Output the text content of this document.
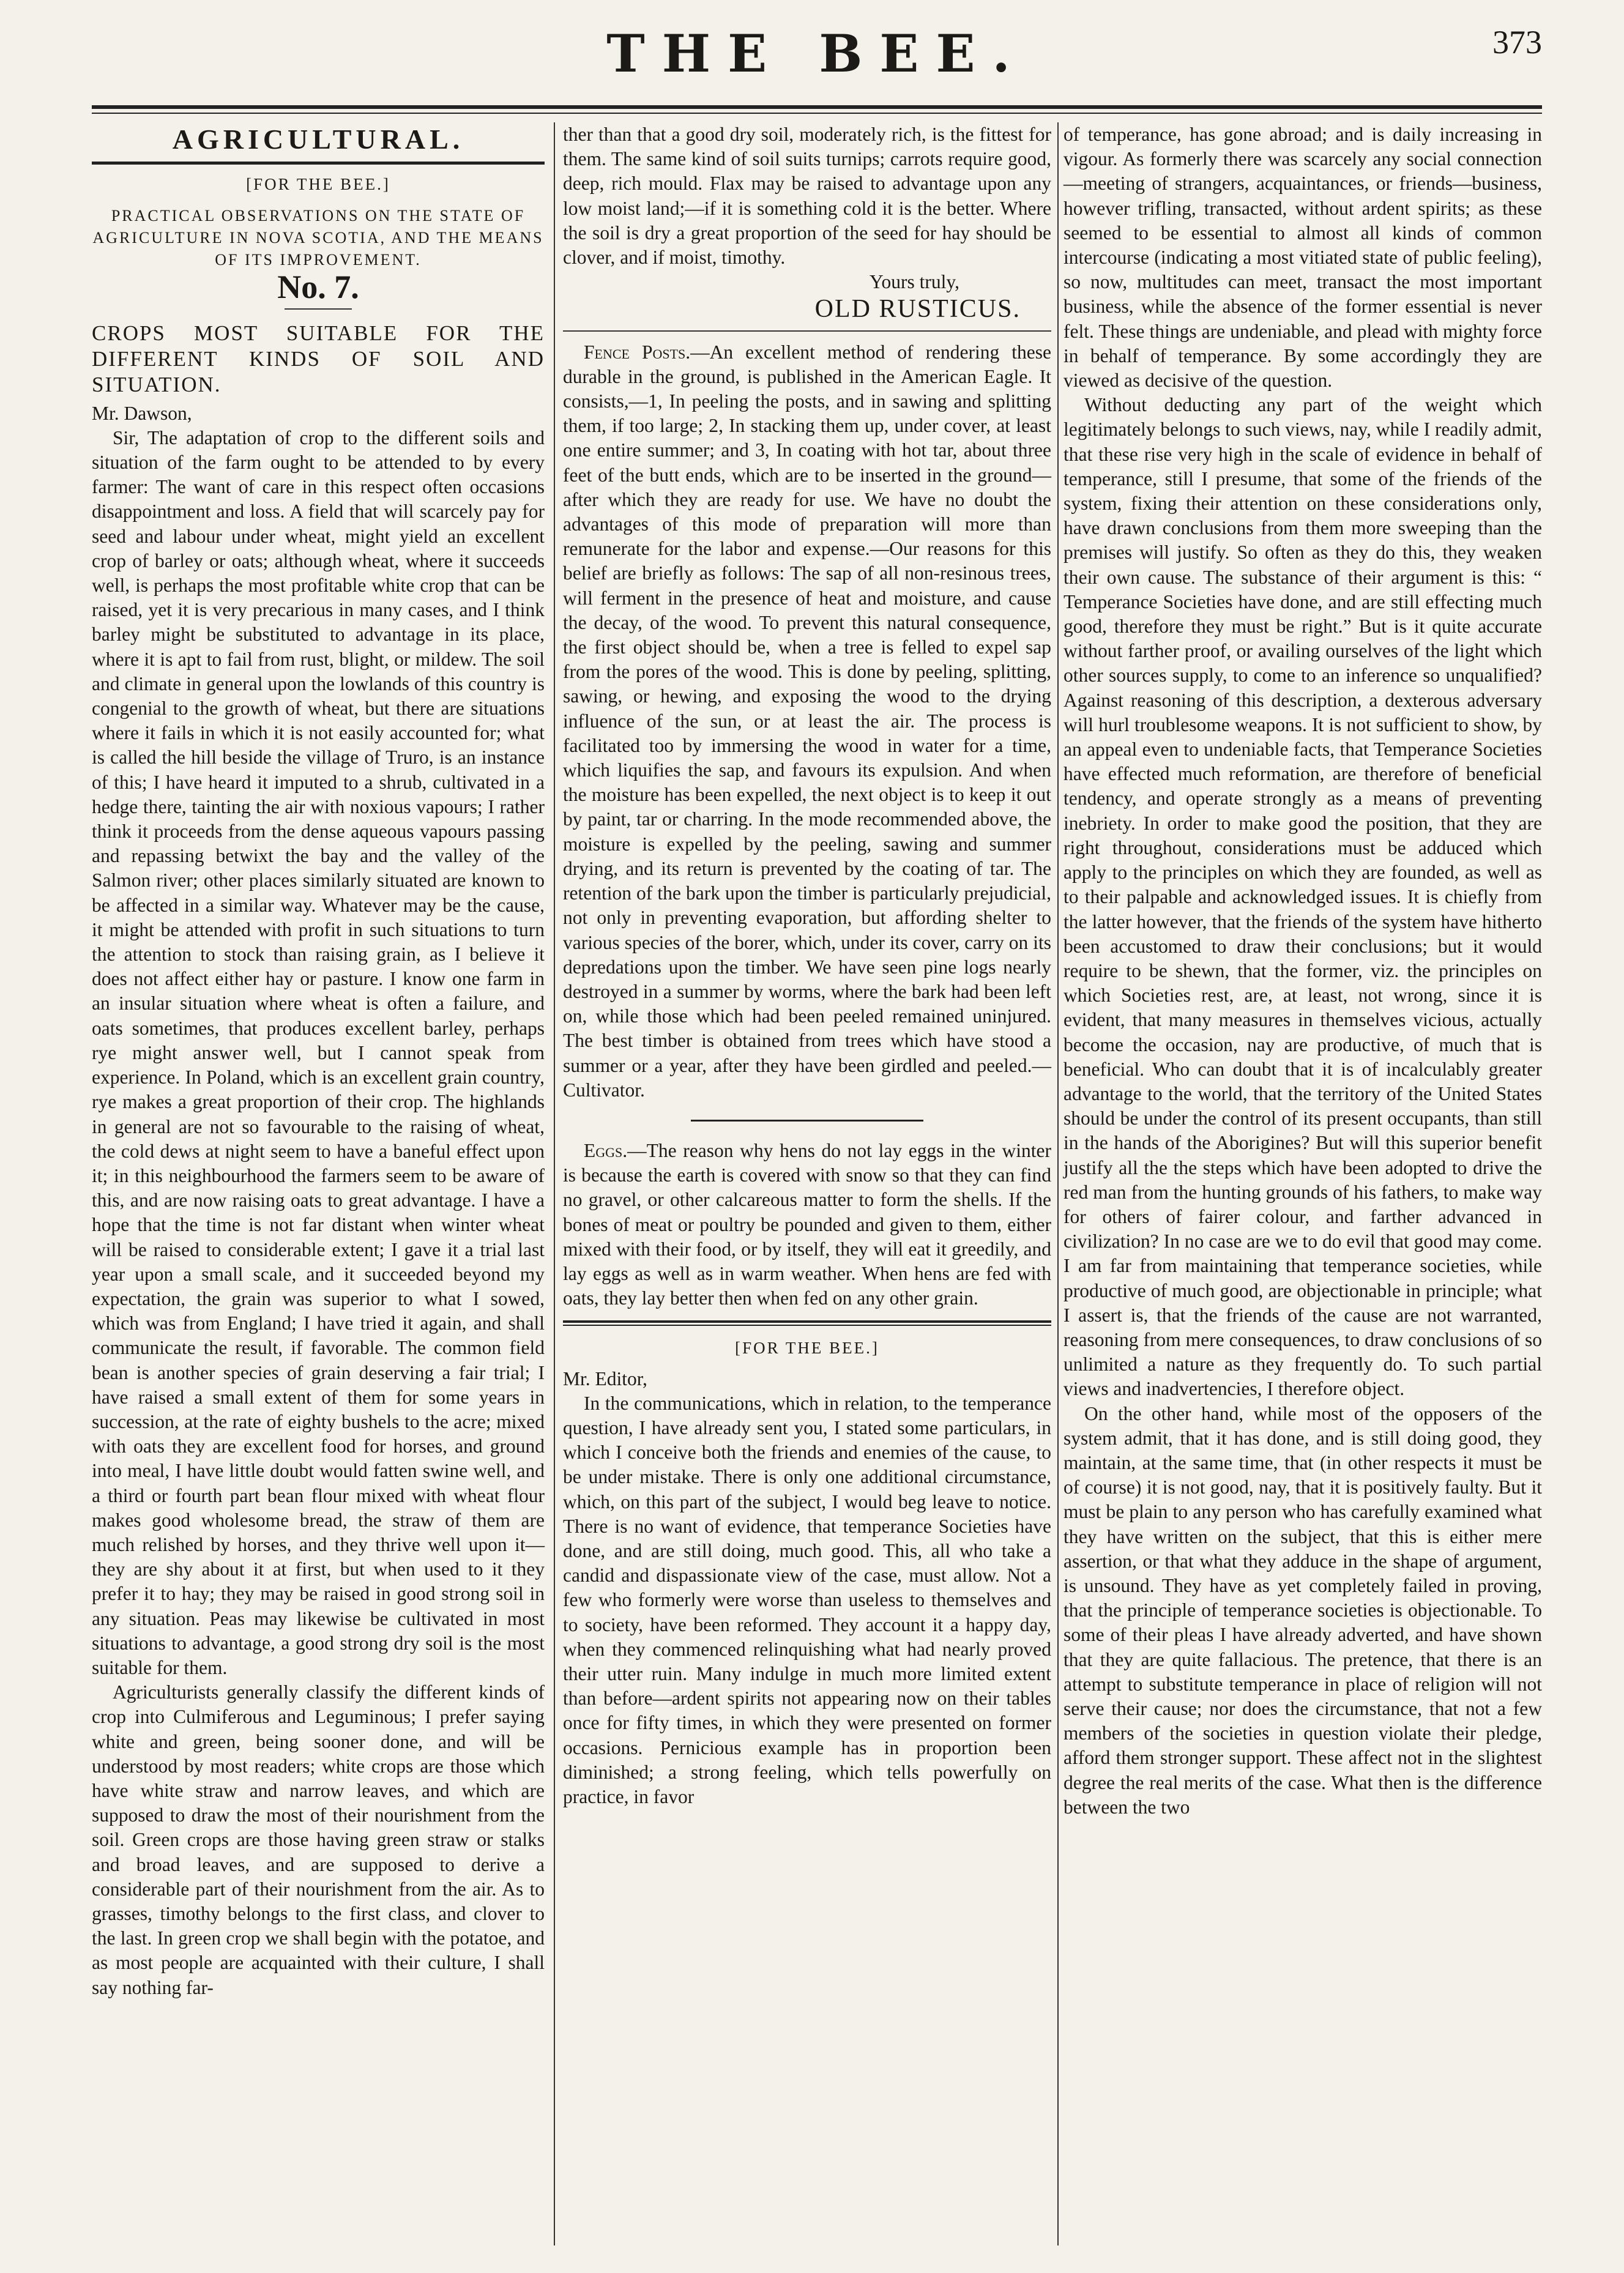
THE BEE.	373
AGRICULTURAL.
[FOR THE BEE.]
PRACTICAL OBSERVATIONS ON THE STATE OF AGRICULTURE IN NOVA SCOTIA, AND THE MEANS OF ITS IMPROVEMENT.
No. 7.
CROPS MOST SUITABLE FOR THE DIFFERENT KINDS OF SOIL AND SITUATION.

Mr. Dawson,

Sir, The adaptation of crop to the different soils and situation of the farm ought to be attended to by every farmer: The want of care in this respect often occasions disappointment and loss. A field that will scarcely pay for seed and labour under wheat, might yield an excellent crop of barley or oats; although wheat, where it succeeds well, is perhaps the most profitable white crop that can be raised, yet it is very precarious in many cases, and I think barley might be substituted to advantage in its place, where it is apt to fail from rust, blight, or mildew. The soil and climate in general upon the lowlands of this country is congenial to the growth of wheat, but there are situations where it fails in which it is not easily accounted for; what is called the hill beside the village of Truro, is an instance of this; I have heard it imputed to a shrub, cultivated in a hedge there, tainting the air with noxious vapours; I rather think it proceeds from the dense aqueous vapours passing and repassing betwixt the bay and the valley of the Salmon river; other places similarly situated are known to be affected in a similar way. Whatever may be the cause, it might be attended with profit in such situations to turn the attention to stock than raising grain, as I believe it does not affect either hay or pasture. I know one farm in an insular situation where wheat is often a failure, and oats sometimes, that produces excellent barley, perhaps rye might answer well, but I cannot speak from experience. In Poland, which is an excellent grain country, rye makes a great proportion of their crop. The highlands in general are not so favourable to the raising of wheat, the cold dews at night seem to have a baneful effect upon it; in this neighbourhood the farmers seem to be aware of this, and are now raising oats to great advantage. I have a hope that the time is not far distant when winter wheat will be raised to considerable extent; I gave it a trial last year upon a small scale, and it succeeded beyond my expectation, the grain was superior to what I sowed, which was from England; I have tried it again, and shall communicate the result, if favorable. The common field bean is another species of grain deserving a fair trial; I have raised a small extent of them for some years in succession, at the rate of eighty bushels to the acre; mixed with oats they are excellent food for horses, and ground into meal, I have little doubt would fatten swine well, and a third or fourth part bean flour mixed with wheat flour makes good wholesome bread, the straw of them are much relished by horses, and they thrive well upon it—they are shy about it at first, but when used to it they prefer it to hay; they may be raised in good strong soil in any situation. Peas may likewise be cultivated in most situations to advantage, a good strong dry soil is the most suitable for them.

Agriculturists generally classify the different kinds of crop into Culmiferous and Leguminous; I prefer saying white and green, being sooner done, and will be understood by most readers; white crops are those which have white straw and narrow leaves, and which are supposed to draw the most of their nourishment from the soil. Green crops are those having green straw or stalks and broad leaves, and are supposed to derive a considerable part of their nourishment from the air. As to grasses, timothy belongs to the first class, and clover to the last. In green crop we shall begin with the potatoe, and as most people are acquainted with their culture, I shall say nothing far-

ther than that a good dry soil, moderately rich, is the fittest for them. The same kind of soil suits turnips; carrots require good, deep, rich mould. Flax may be raised to advantage upon any low moist land;—if it is something cold it is the better. Where the soil is dry a great proportion of the seed for hay should be clover, and if moist, timothy.

Yours truly,

OLD RUSTICUS.

Fence Posts.—An excellent method of rendering these durable in the ground, is published in the American Eagle. It consists,—1, In peeling the posts, and in sawing and splitting them, if too large; 2, In stacking them up, under cover, at least one entire summer; and 3, In coating with hot tar, about three feet of the butt ends, which are to be inserted in the ground—after which they are ready for use. We have no doubt the advantages of this mode of preparation will more than remunerate for the labor and expense.—Our reasons for this belief are briefly as follows: The sap of all non-resinous trees, will ferment in the presence of heat and moisture, and cause the decay, of the wood. To prevent this natural consequence, the first object should be, when a tree is felled to expel sap from the pores of the wood. This is done by peeling, splitting, sawing, or hewing, and exposing the wood to the drying influence of the sun, or at least the air. The process is facilitated too by immersing the wood in water for a time, which liquifies the sap, and favours its expulsion. And when the moisture has been expelled, the next object is to keep it out by paint, tar or charring. In the mode recommended above, the moisture is expelled by the peeling, sawing and summer drying, and its return is prevented by the coating of tar. The retention of the bark upon the timber is particularly prejudicial, not only in preventing evaporation, but affording shelter to various species of the borer, which, under its cover, carry on its depredations upon the timber. We have seen pine logs nearly destroyed in a summer by worms, where the bark had been left on, while those which had been peeled remained uninjured. The best timber is obtained from trees which have stood a summer or a year, after they have been girdled and peeled.—Cultivator.

Eggs.—The reason why hens do not lay eggs in the winter is because the earth is covered with snow so that they can find no gravel, or other calcareous matter to form the shells. If the bones of meat or poultry be pounded and given to them, either mixed with their food, or by itself, they will eat it greedily, and lay eggs as well as in warm weather. When hens are fed with oats, they lay better then when fed on any other grain.

[FOR THE BEE.]

Mr. Editor,

In the communications, which in relation, to the temperance question, I have already sent you, I stated some particulars, in which I conceive both the friends and enemies of the cause, to be under mistake. There is only one additional circumstance, which, on this part of the subject, I would beg leave to notice. There is no want of evidence, that temperance Societies have done, and are still doing, much good. This, all who take a candid and dispassionate view of the case, must allow. Not a few who formerly were worse than useless to themselves and to society, have been reformed. They account it a happy day, when they commenced relinquishing what had nearly proved their utter ruin. Many indulge in much more limited extent than before—ardent spirits not appearing now on their tables once for fifty times, in which they were presented on former occasions. Pernicious example has in proportion been diminished; a strong feeling, which tells powerfully on practice, in favor

of temperance, has gone abroad; and is daily increasing in vigour. As formerly there was scarcely any social connection—meeting of strangers, acquaintances, or friends—business, however trifling, transacted, without ardent spirits; as these seemed to be essential to almost all kinds of common intercourse (indicating a most vitiated state of public feeling), so now, multitudes can meet, transact the most important business, while the absence of the former essential is never felt. These things are undeniable, and plead with mighty force in behalf of temperance. By some accordingly they are viewed as decisive of the question.

Without deducting any part of the weight which legitimately belongs to such views, nay, while I readily admit, that these rise very high in the scale of evidence in behalf of temperance, still I presume, that some of the friends of the system, fixing their attention on these considerations only, have drawn conclusions from them more sweeping than the premises will justify. So often as they do this, they weaken their own cause. The substance of their argument is this: “ Temperance Societies have done, and are still effecting much good, therefore they must be right.” But is it quite accurate without farther proof, or availing ourselves of the light which other sources supply, to come to an inference so unqualified? Against reasoning of this description, a dexterous adversary will hurl troublesome weapons. It is not sufficient to show, by an appeal even to undeniable facts, that Temperance Societies have effected much reformation, are therefore of beneficial tendency, and operate strongly as a means of preventing inebriety. In order to make good the position, that they are right throughout, considerations must be adduced which apply to the principles on which they are founded, as well as to their palpable and acknowledged issues. It is chiefly from the latter however, that the friends of the system have hitherto been accustomed to draw their conclusions; but it would require to be shewn, that the former, viz. the principles on which Societies rest, are, at least, not wrong, since it is evident, that many measures in themselves vicious, actually become the occasion, nay are productive, of much that is beneficial. Who can doubt that it is of incalculably greater advantage to the world, that the territory of the United States should be under the control of its present occupants, than still in the hands of the Aborigines? But will this superior benefit justify all the the steps which have been adopted to drive the red man from the hunting grounds of his fathers, to make way for others of fairer colour, and farther advanced in civilization? In no case are we to do evil that good may come. I am far from maintaining that temperance societies, while productive of much good, are objectionable in principle; what I assert is, that the friends of the cause are not warranted, reasoning from mere consequences, to draw conclusions of so unlimited a nature as they frequently do. To such partial views and inadvertencies, I therefore object.

On the other hand, while most of the opposers of the system admit, that it has done, and is still doing good, they maintain, at the same time, that (in other respects it must be of course) it is not good, nay, that it is positively faulty. But it must be plain to any person who has carefully examined what they have written on the subject, that this is either mere assertion, or that what they adduce in the shape of argument, is unsound. They have as yet completely failed in proving, that the principle of temperance societies is objectionable. To some of their pleas I have already adverted, and have shown that they are quite fallacious. The pretence, that there is an attempt to substitute temperance in place of religion will not serve their cause; nor does the circumstance, that not a few members of the societies in question violate their pledge, afford them stronger support. These affect not in the slightest degree the real merits of the case. What then is the difference between the two
